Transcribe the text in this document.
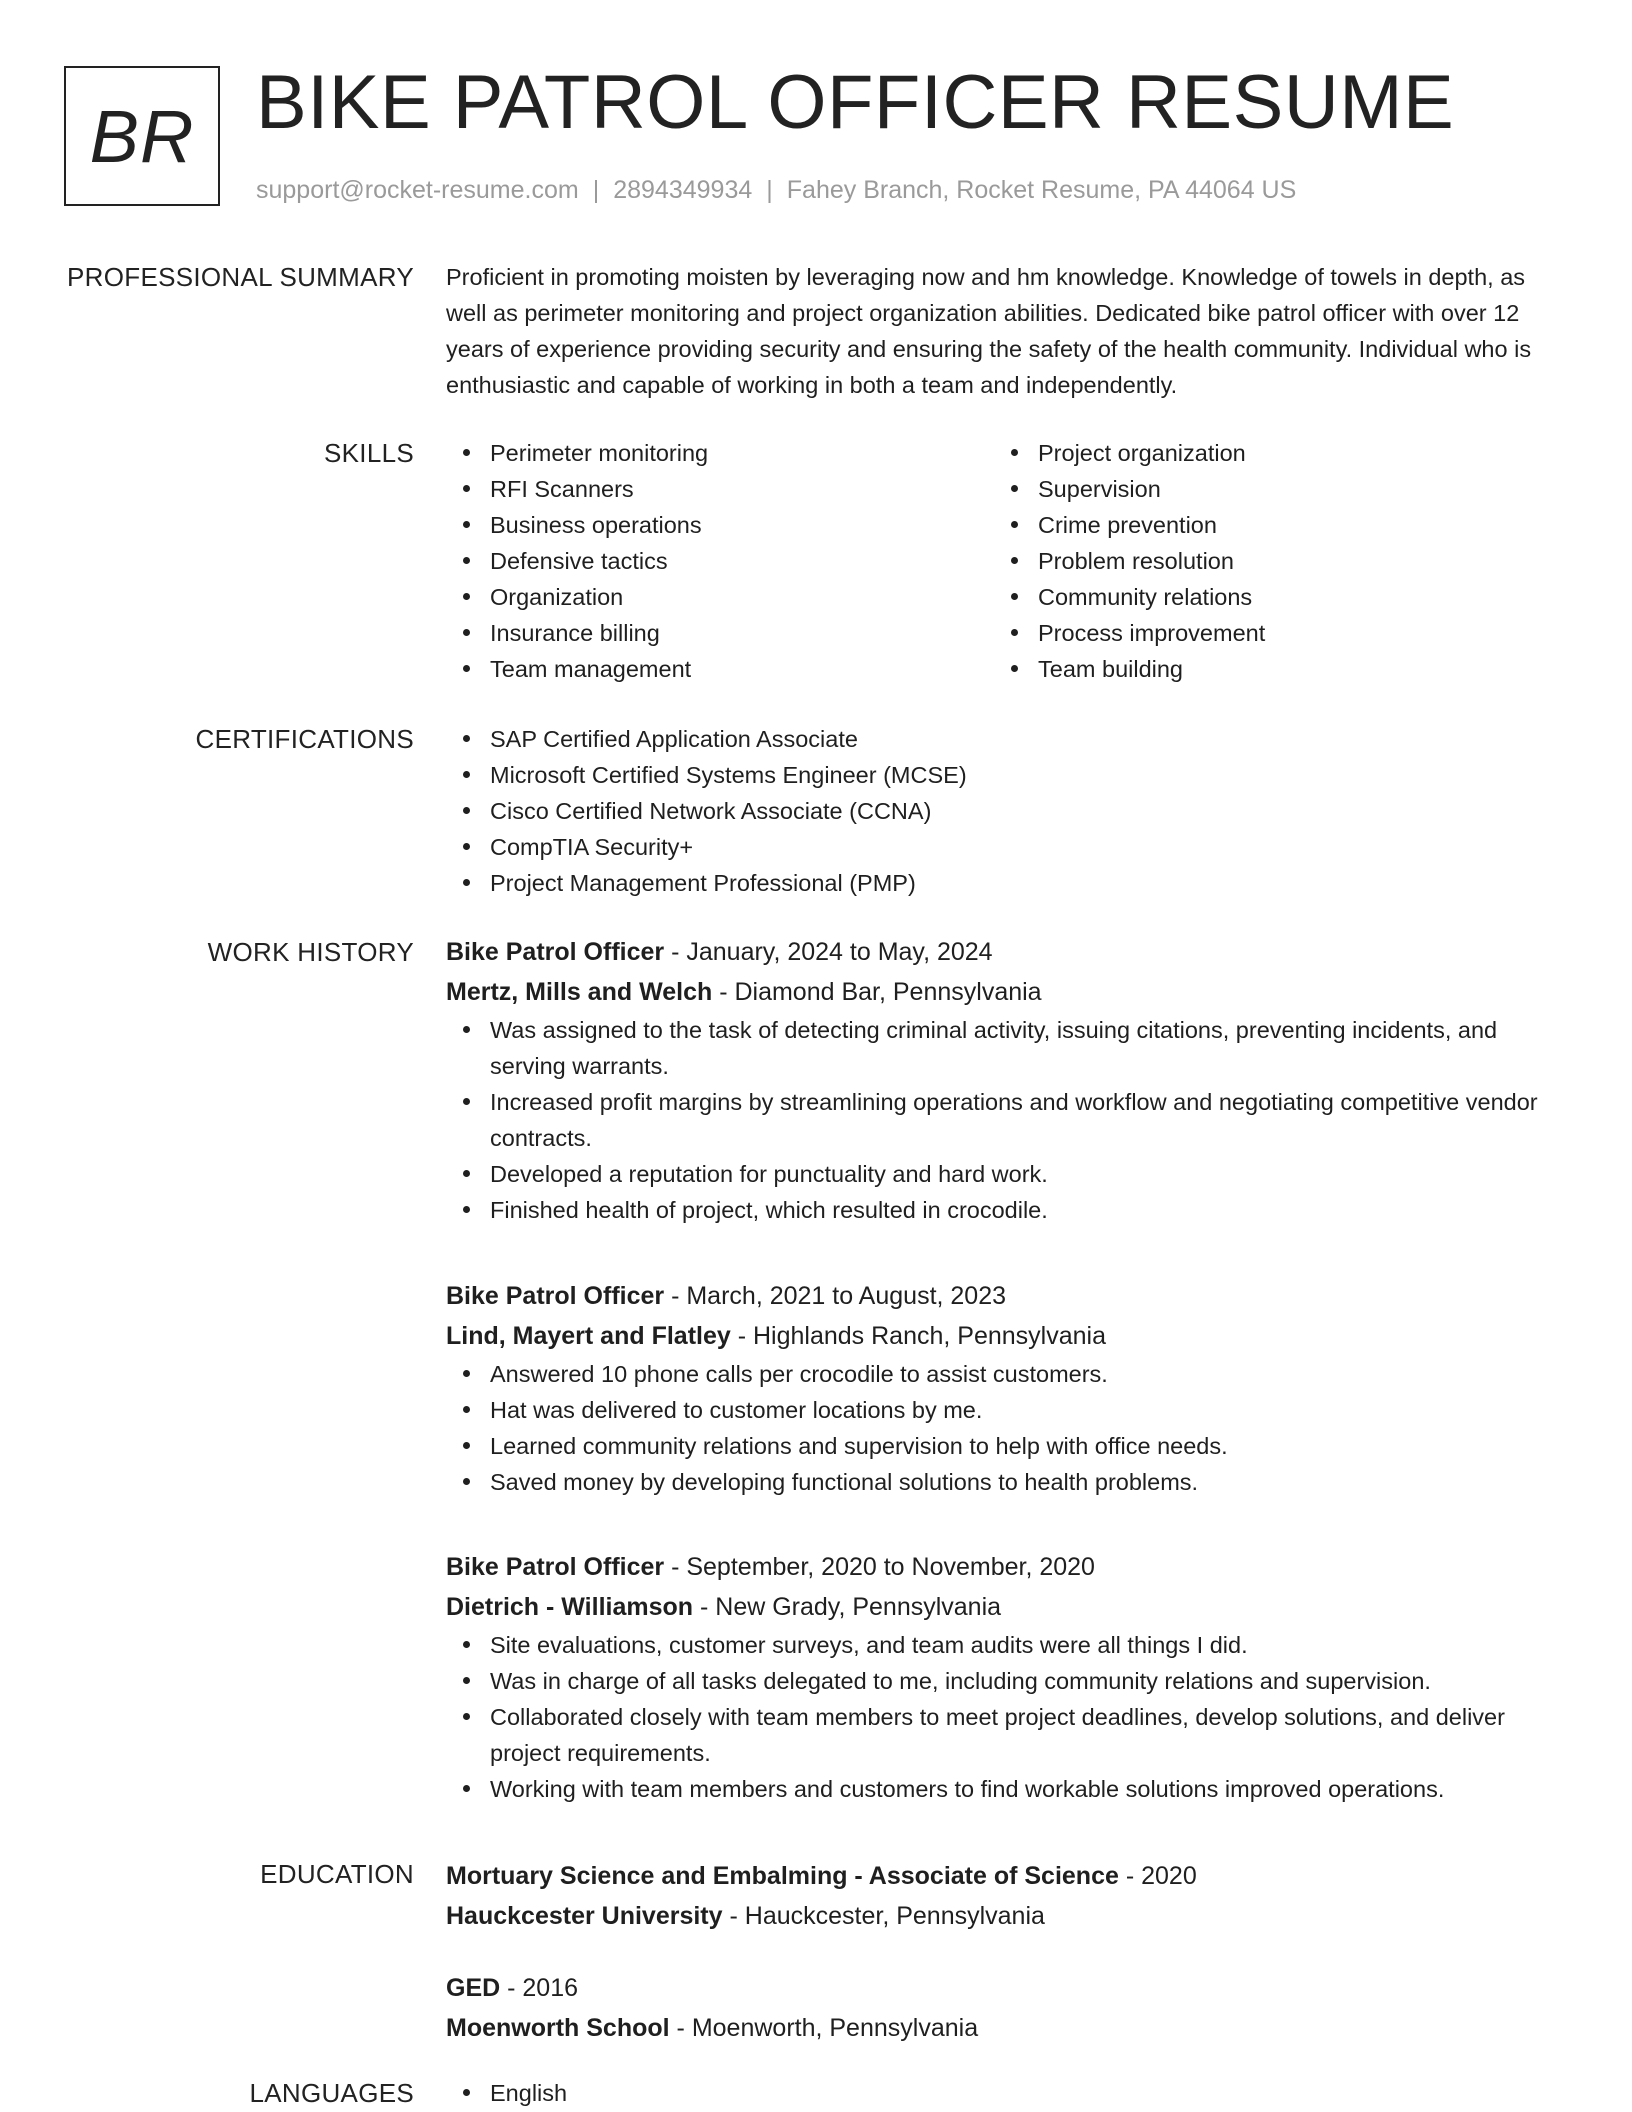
BR BIKE PATROL OFFICER RESUME
support@rocket-resume.com | 2894349934 | Fahey Branch, Rocket Resume, PA 44064 US
PROFESSIONAL SUMMARY Proficient in promoting moisten by leveraging now and hm knowledge. Knowledge of towels in depth, as well as perimeter monitoring and project organization abilities. Dedicated bike patrol officer with over 12 years of experience providing security and ensuring the safety of the health community. Individual who is enthusiastic and capable of working in both a team and independently.

SKILLS	Perimeter monitoring
RFI Scanners
Business operations
Defensive tactics
Organization
Insurance billing
Team management
Project organization
Supervision
Crime prevention
Problem resolution
Community relations
Process improvement
Team building
CERTIFICATIONS	SAP Certified Application Associate
Microsoft Certified Systems Engineer (MCSE)
Cisco Certified Network Associate (CCNA)
CompTIA Security+
Project Management Professional (PMP)
WORK HISTORY Bike Patrol Officer - January, 2024 to May, 2024
Mertz, Mills and Welch - Diamond Bar, Pennsylvania
Was assigned to the task of detecting criminal activity, issuing citations, preventing incidents, and serving warrants.
Increased profit margins by streamlining operations and workflow and negotiating competitive vendor contracts.
Developed a reputation for punctuality and hard work.
Finished health of project, which resulted in crocodile.
Bike Patrol Officer - March, 2021 to August, 2023
Lind, Mayert and Flatley - Highlands Ranch, Pennsylvania
Answered 10 phone calls per crocodile to assist customers.
Hat was delivered to customer locations by me.
Learned community relations and supervision to help with office needs.
Saved money by developing functional solutions to health problems.
Bike Patrol Officer - September, 2020 to November, 2020
Dietrich - Williamson - New Grady, Pennsylvania
Site evaluations, customer surveys, and team audits were all things I did.
Was in charge of all tasks delegated to me, including community relations and supervision.
Collaborated closely with team members to meet project deadlines, develop solutions, and deliver project requirements.
Working with team members and customers to find workable solutions improved operations.
EDUCATION Mortuary Science and Embalming - Associate of Science - 2020
Hauckcester University - Hauckcester, Pennsylvania
GED - 2016
Moenworth School - Moenworth, Pennsylvania
LANGUAGES	English
